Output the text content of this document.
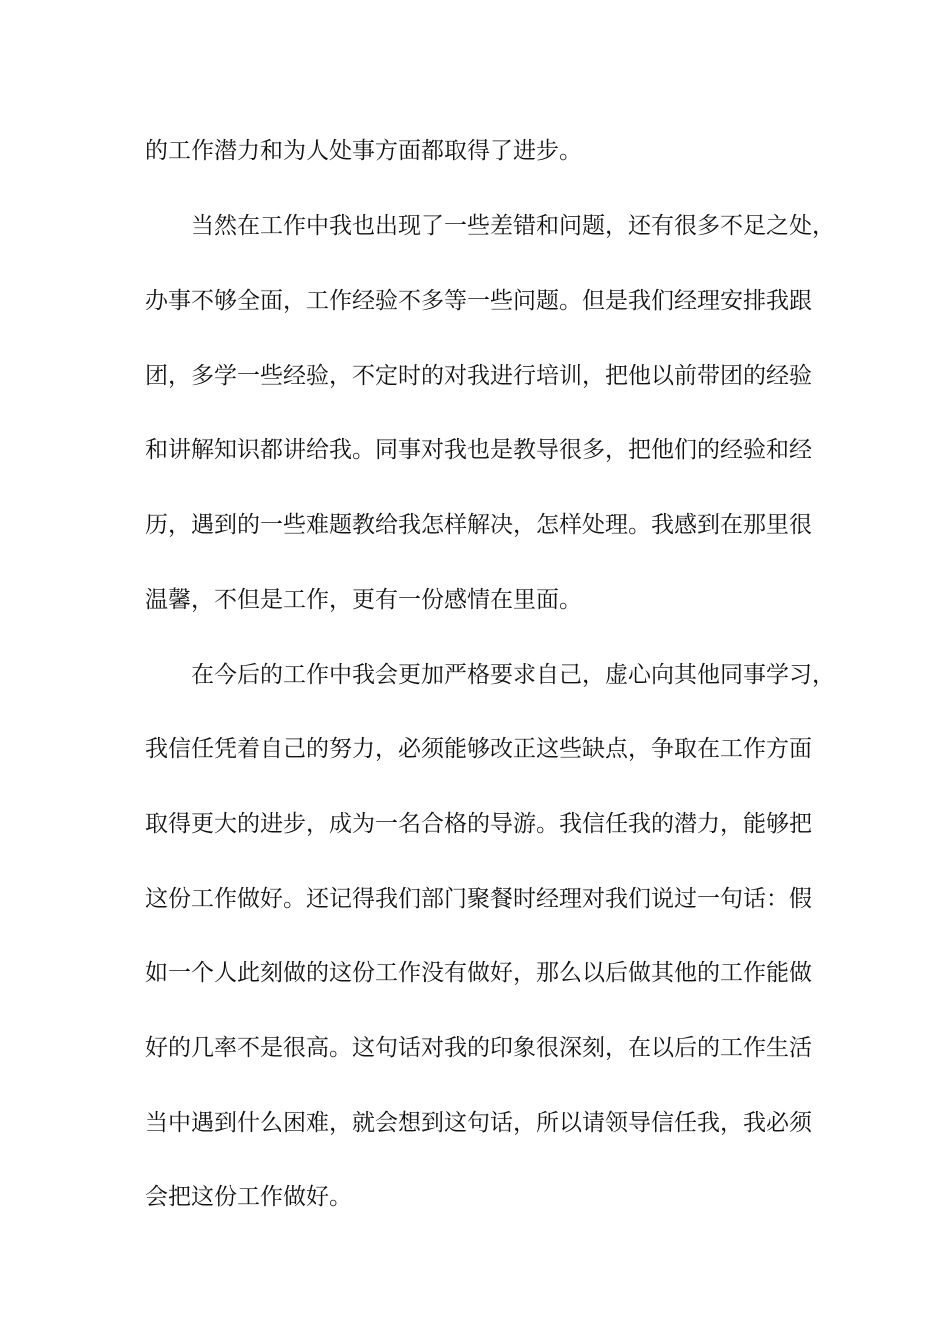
的工作潜力和为人处事方面都取得了进步。
当然在工作中我也出现了一些差错和问题，还有很多不足之处，
办事不够全面，工作经验不多等一些问题。但是我们经理安排我跟
团，多学一些经验，不定时的对我进行培训，把他以前带团的经验
和讲解知识都讲给我。同事对我也是教导很多，把他们的经验和经
历，遇到的一些难题教给我怎样解决，怎样处理。我感到在那里很
温馨，不但是工作，更有一份感情在里面。
在今后的工作中我会更加严格要求自己，虚心向其他同事学习，
我信任凭着自己的努力，必须能够改正这些缺点，争取在工作方面
取得更大的进步，成为一名合格的导游。我信任我的潜力，能够把
这份工作做好。还记得我们部门聚餐时经理对我们说过一句话：假
如一个人此刻做的这份工作没有做好，那么以后做其他的工作能做
好的几率不是很高。这句话对我的印象很深刻，在以后的工作生活
当中遇到什么困难，就会想到这句话，所以请领导信任我，我必须
会把这份工作做好。
